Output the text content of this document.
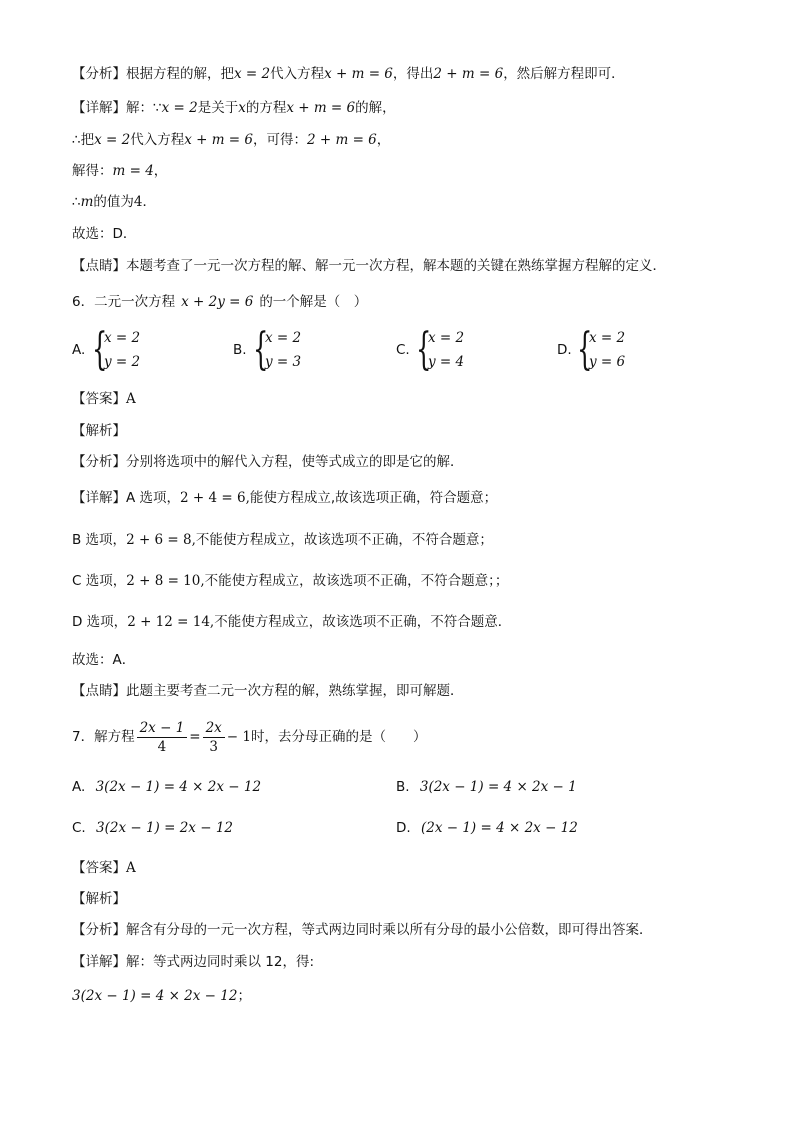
【分析】根据方程的解，把x = 2代入方程x + m = 6，得出2 + m = 6，然后解方程即可．
【详解】解：∵x = 2是关于x的方程x + m = 6的解，
∴把x = 2代入方程x + m = 6，可得：2 + m = 6，
解得：m = 4，
∴m的值为4．
故选：D．
【点睛】本题考查了一元一次方程的解、解一元一次方程，解本题的关键在熟练掌握方程解的定义．
6．二元一次方程 x + 2y = 6 的一个解是（　）
A. {
x = 2
y = 2
B. {
x = 2
y = 3
C. {
x = 2
y = 4
D. {
x = 2
y = 6
【答案】A
【解析】
【分析】分别将选项中的解代入方程，使等式成立的即是它的解．
【详解】A 选项，2 + 4 = 6,能使方程成立,故该选项正确，符合题意；
B 选项，2 + 6 = 8,不能使方程成立，故该选项不正确，不符合题意；
C 选项，2 + 8 = 10,不能使方程成立，故该选项不正确，不符合题意；；
D 选项，2 + 12 = 14,不能使方程成立，故该选项不正确，不符合题意．
故选：A．
【点睛】此题主要考查二元一次方程的解，熟练掌握，即可解题．
7．解方程 $\frac{2x - 1}{4} = \frac{2x}{3} - 1$时，去分母正确的是（　　）
A. 3(2x − 1) = 4 × 2x − 12	B. 3(2x − 1) = 4 × 2x − 1
C. 3(2x − 1) = 2x − 12	D. (2x − 1) = 4 × 2x − 12
【答案】A
【解析】
【分析】解含有分母的一元一次方程，等式两边同时乘以所有分母的最小公倍数，即可得出答案．
【详解】解：等式两边同时乘以 12，得:
3(2x − 1) = 4 × 2x − 12；
